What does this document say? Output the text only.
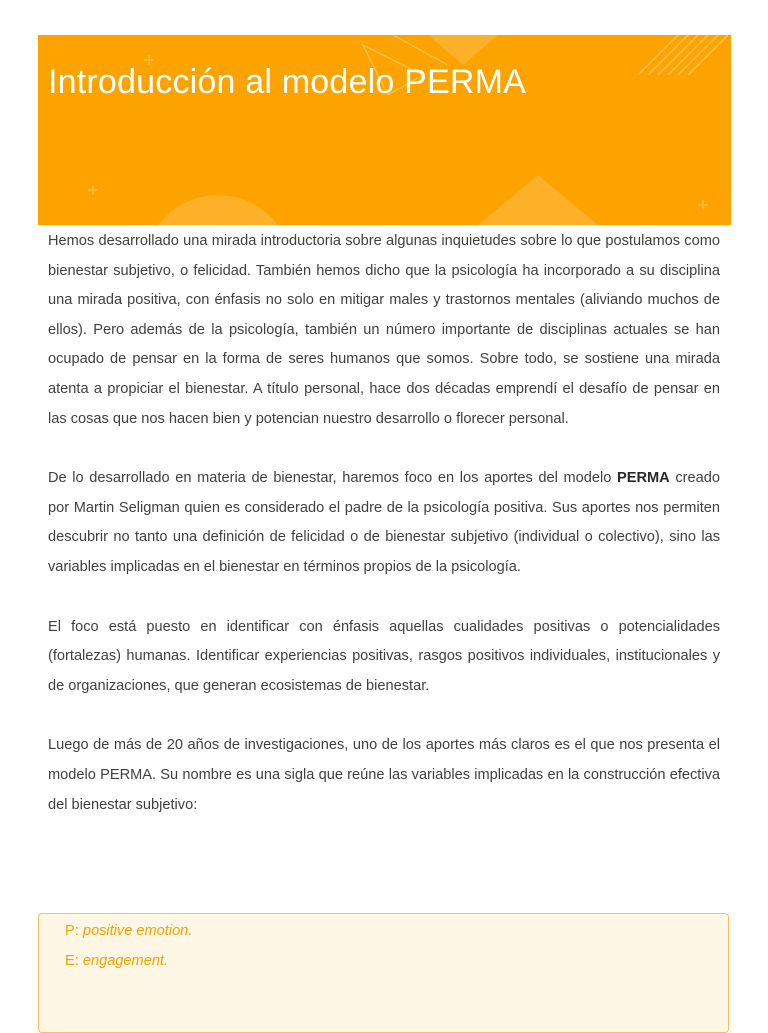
Introducción al modelo PERMA

Hemos desarrollado una mirada introductoria sobre algunas inquietudes sobre lo que postulamos como bienestar subjetivo, o felicidad. También hemos dicho que la psicología ha incorporado a su disciplina una mirada positiva, con énfasis no solo en mitigar males y trastornos mentales (aliviando muchos de ellos). Pero además de la psicología, también un número importante de disciplinas actuales se han ocupado de pensar en la forma de seres humanos que somos. Sobre todo, se sostiene una mirada atenta a propiciar el bienestar. A título personal, hace dos décadas emprendí el desafío de pensar en las cosas que nos hacen bien y potencian nuestro desarrollo o florecer personal.

De lo desarrollado en materia de bienestar, haremos foco en los aportes del modelo PERMA creado por Martin Seligman quien es considerado el padre de la psicología positiva. Sus aportes nos permiten descubrir no tanto una definición de felicidad o de bienestar subjetivo (individual o colectivo), sino las variables implicadas en el bienestar en términos propios de la psicología.

El foco está puesto en identificar con énfasis aquellas cualidades positivas o potencialidades (fortalezas) humanas. Identificar experiencias positivas, rasgos positivos individuales, institucionales y de organizaciones, que generan ecosistemas de bienestar.

Luego de más de 20 años de investigaciones, uno de los aportes más claros es el que nos presenta el modelo PERMA. Su nombre es una sigla que reúne las variables implicadas en la construcción efectiva del bienestar subjetivo:

P: positive emotion.
E: engagement.
